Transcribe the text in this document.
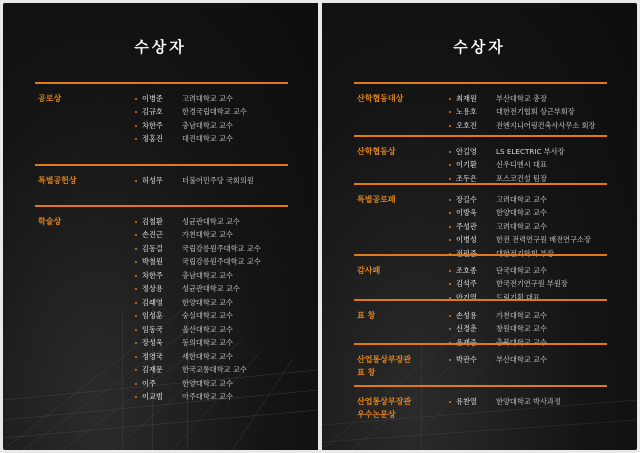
수상자
공로상	이병준	고려대학교 교수
김규호	한경국립대학교 교수
차한주	충남대학교 교수
정홍진	대진대학교 교수
특별공헌상	허성무	더불어민주당 국회의원
학술상	김철환	성균관대학교 교수
손진근	가천대학교 교수
김동걸	국립강릉원주대학교 교수
박철원	국립강릉원주대학교 교수
차한주	충남대학교 교수
정상용	성균관대학교 교수
김래영	한양대학교 교수
임성훈	숭실대학교 교수
임동국	울산대학교 교수
장성욱	동의대학교 교수
정영국	세한대학교 교수
김재문	한국교통대학교 교수
이주	한양대학교 교수
이교범	아주대학교 교수
수상자
산학협동대상	최재원	부산대학교 총장
노용호	대한전기협회 상근부회장
오호진	전엔지니어링건축사사무소 회장
산학협동상	안길영	LS ELECTRIC 부사장
이기환	신우디엔시 대표
조두은	포스코건설 팀장
특별공로패	장길수	고려대학교 교수
이방욱	한양대학교 교수
주성관	고려대학교 교수
이병성	한전 전력연구원 배전연구소장
전필준	대한전기학회 부장
감사패	조호종	단국대학교 교수
김석주	한국전기연구원 부원장
안기열	드림기획 대표
표 창	손성용	가천대학교 교수
신경춘	창원대학교 교수
윤재중	충북대학교 교수
산업통상부장관
표 창
박관수	부산대학교 교수
산업통상부장관
우수논문상
유찬열	한양대학교 박사과정
